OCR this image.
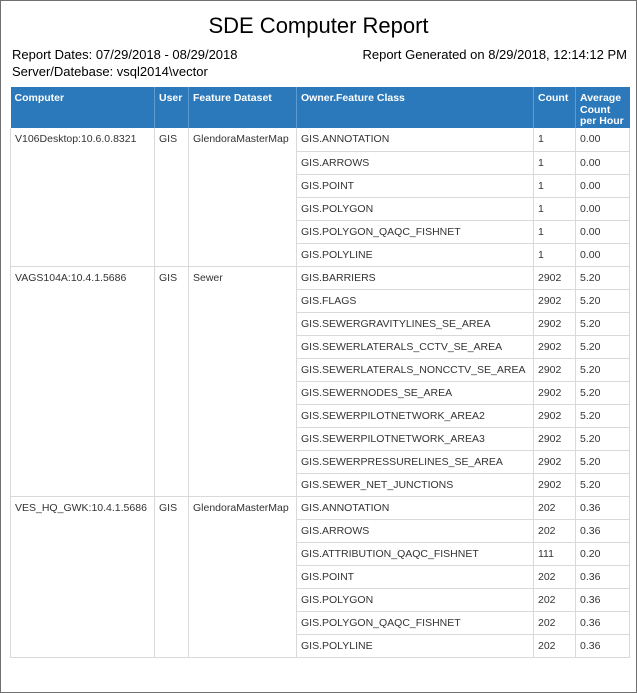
SDE Computer Report
Report Dates: 07/29/2018 - 08/29/2018
Server/Datebase: vsql2014\vector
Report Generated on 8/29/2018, 12:14:12 PM
Computer	User	Feature Dataset	Owner.Feature Class	Count	Average
Count
per Hour
V106Desktop:10.6.0.8321	GIS	GlendoraMasterMap	GIS.ANNOTATION	1	0.00
			GIS.ARROWS	1	0.00
			GIS.POINT	1	0.00
			GIS.POLYGON	1	0.00
			GIS.POLYGON_QAQC_FISHNET	1	0.00
			GIS.POLYLINE	1	0.00
VAGS104A:10.4.1.5686	GIS	Sewer	GIS.BARRIERS	2902	5.20
			GIS.FLAGS	2902	5.20
			GIS.SEWERGRAVITYLINES_SE_AREA	2902	5.20
			GIS.SEWERLATERALS_CCTV_SE_AREA	2902	5.20
			GIS.SEWERLATERALS_NONCCTV_SE_AREA	2902	5.20
			GIS.SEWERNODES_SE_AREA	2902	5.20
			GIS.SEWERPILOTNETWORK_AREA2	2902	5.20
			GIS.SEWERPILOTNETWORK_AREA3	2902	5.20
			GIS.SEWERPRESSURELINES_SE_AREA	2902	5.20
			GIS.SEWER_NET_JUNCTIONS	2902	5.20
VES_HQ_GWK:10.4.1.5686	GIS	GlendoraMasterMap	GIS.ANNOTATION	202	0.36
			GIS.ARROWS	202	0.36
			GIS.ATTRIBUTION_QAQC_FISHNET	111	0.20
			GIS.POINT	202	0.36
			GIS.POLYGON	202	0.36
			GIS.POLYGON_QAQC_FISHNET	202	0.36
			GIS.POLYLINE	202	0.36
